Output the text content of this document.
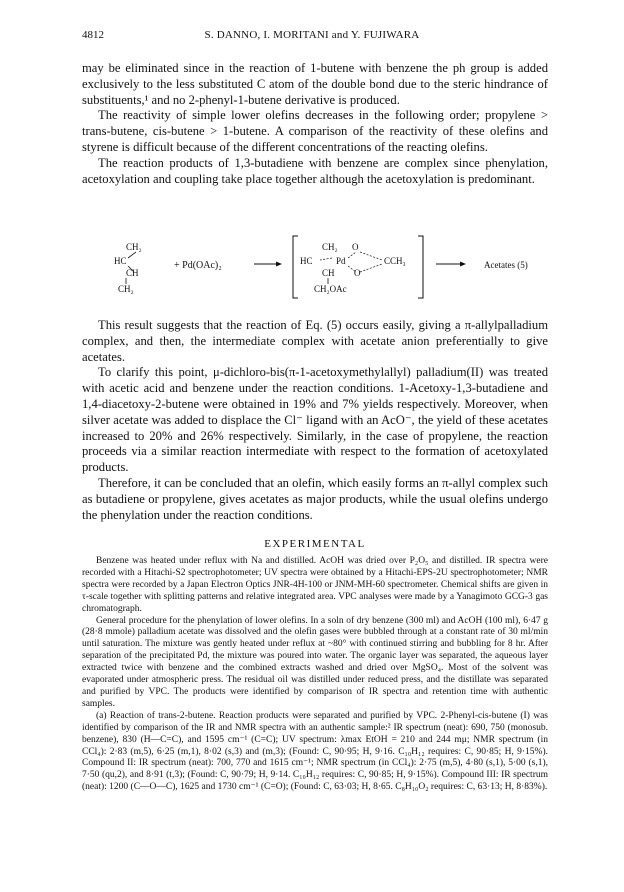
4812	S. DANNO, I. MORITANI and Y. FUJIWARA

may be eliminated since in the reaction of 1-butene with benzene the ph group is added exclusively to the less substituted C atom of the double bond due to the steric hindrance of substituents,¹ and no 2-phenyl-1-butene derivative is produced.

The reactivity of simple lower olefins decreases in the following order; propylene > trans-butene, cis-butene > 1-butene. A comparison of the reactivity of these olefins and styrene is difficult because of the different concentrations of the reacting olefins.

The reaction products of 1,3-butadiene with benzene are complex since phenylation, acetoxylation and coupling take place together although the acetoxylation is predominant.

CH₂
HC
CH
CH₂
+ Pd(OAc)₂
CH₂ O
HC	Pd	CCH₃
CH O
CH₂OAc
Acetates (5)

This result suggests that the reaction of Eq. (5) occurs easily, giving a π-allylpalladium complex, and then, the intermediate complex with acetate anion preferentially to give acetates.

To clarify this point, μ-dichloro-bis(π-1-acetoxymethylallyl) palladium(II) was treated with acetic acid and benzene under the reaction conditions. 1-Acetoxy-1,3-butadiene and 1,4-diacetoxy-2-butene were obtained in 19% and 7% yields respectively. Moreover, when silver acetate was added to displace the Cl⁻ ligand with an AcO⁻, the yield of these acetates increased to 20% and 26% respectively. Similarly, in the case of propylene, the reaction proceeds via a similar reaction intermediate with respect to the formation of acetoxylated products.

Therefore, it can be concluded that an olefin, which easily forms an π-allyl complex such as butadiene or propylene, gives acetates as major products, while the usual olefins undergo the phenylation under the reaction conditions.

EXPERIMENTAL

Benzene was heated under reflux with Na and distilled. AcOH was dried over P₂O₅ and distilled. IR spectra were recorded with a Hitachi-S2 spectrophotometer; UV spectra were obtained by a Hitachi-EPS-2U spectrophotometer; NMR spectra were recorded by a Japan Electron Optics JNR-4H-100 or JNM-MH-60 spectrometer. Chemical shifts are given in τ-scale together with splitting patterns and relative integrated area. VPC analyses were made by a Yanagimoto GCG-3 gas chromatograph.

General procedure for the phenylation of lower olefins. In a soln of dry benzene (300 ml) and AcOH (100 ml), 6·47 g (28·8 mmole) palladium acetate was dissolved and the olefin gases were bubbled through at a constant rate of 30 ml/min until saturation. The mixture was gently heated under reflux at ~80° with continued stirring and bubbling for 8 hr. After separation of the precipitated Pd, the mixture was poured into water. The organic layer was separated, the aqueous layer extracted twice with benzene and the combined extracts washed and dried over MgSO₄. Most of the solvent was evaporated under atmospheric press. The residual oil was distilled under reduced press, and the distillate was separated and purified by VPC. The products were identified by comparison of IR spectra and retention time with authentic samples.

(a) Reaction of trans-2-butene. Reaction products were separated and purified by VPC. 2-Phenyl-cis-butene (I) was identified by comparison of the IR and NMR spectra with an authentic sample:² IR spectrum (neat): 690, 750 (monosub. benzene), 830 (H—C=C), and 1595 cm⁻¹ (C=C); UV spectrum: λmax EtOH = 210 and 244 mμ; NMR spectrum (in CCl₄): 2·83 (m,5), 6·25 (m,1), 8·02 (s,3) and (m,3); (Found: C, 90·95; H, 9·16. C₁₀H₁₂ requires: C, 90·85; H, 9·15%). Compound II: IR spectrum (neat): 700, 770 and 1615 cm⁻¹; NMR spectrum (in CCl₄): 2·75 (m,5), 4·80 (s,1), 5·00 (s,1), 7·50 (qu,2), and 8·91 (t,3); (Found: C, 90·79; H, 9·14. C₁₀H₁₂ requires: C, 90·85; H, 9·15%). Compound III: IR spectrum (neat): 1200 (C—O—C), 1625 and 1730 cm⁻¹ (C=O); (Found: C, 63·03; H, 8·65. C₈H₁₀O₂ requires: C, 63·13; H, 8·83%).
